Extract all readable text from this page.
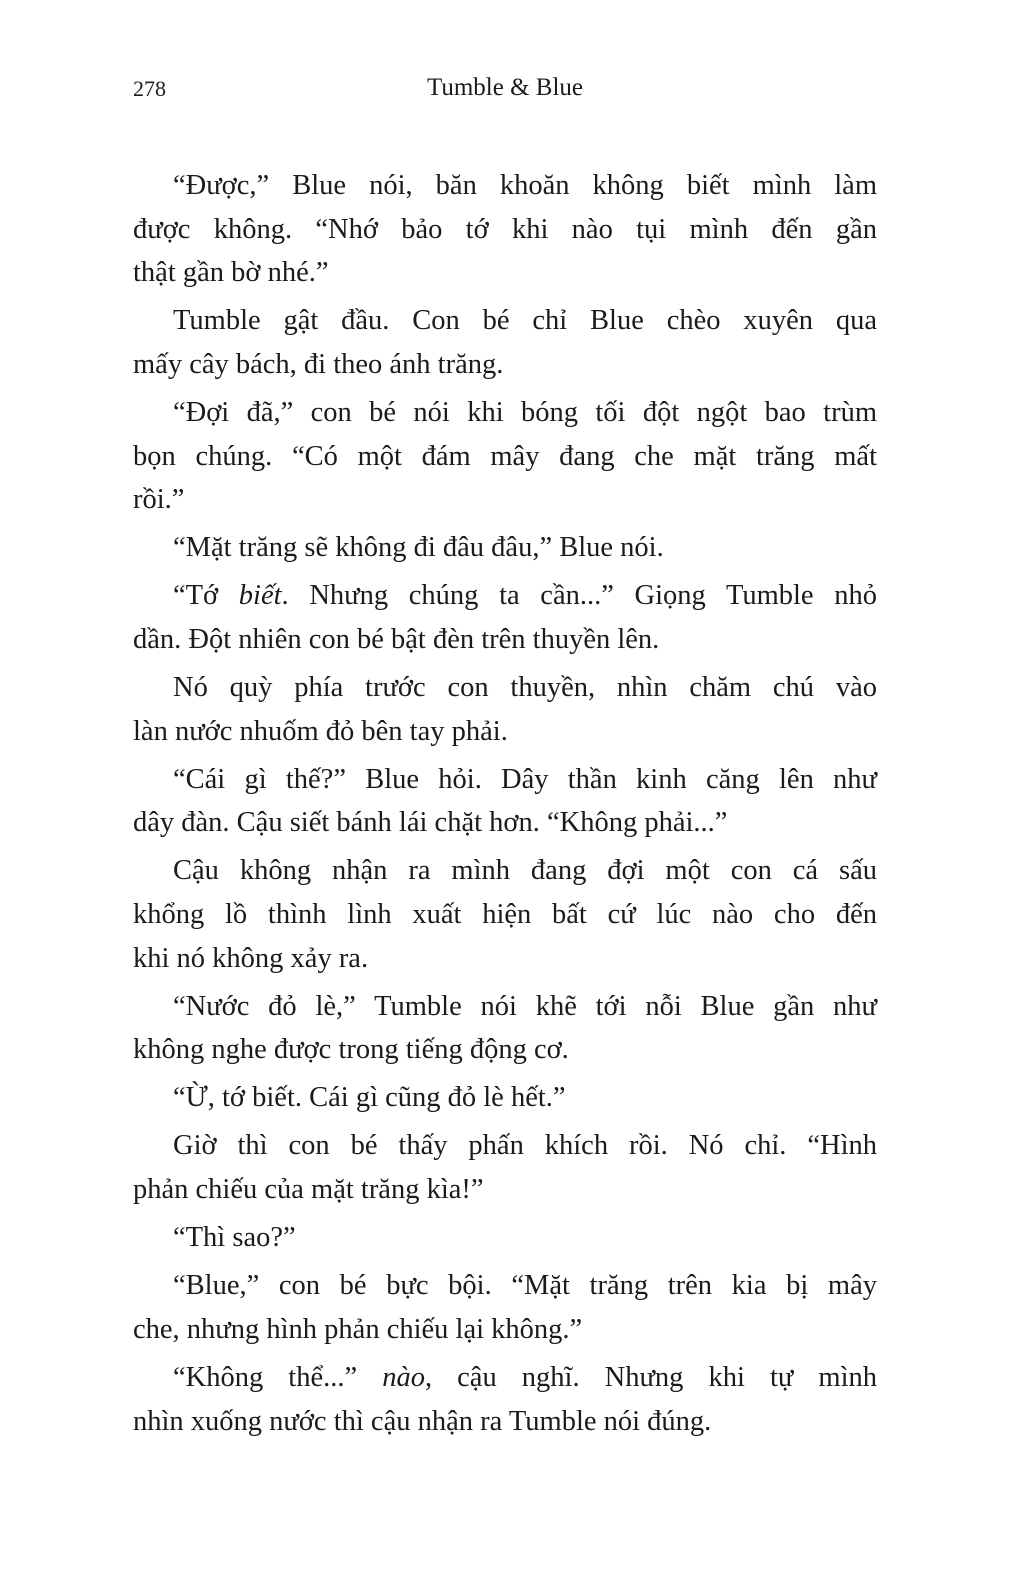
278	Tumble & Blue
“Được,” Blue nói, băn khoăn không biết mình làm
được không. “Nhớ bảo tớ khi nào tụi mình đến gần
thật gần bờ nhé.”
Tumble gật đầu. Con bé chỉ Blue chèo xuyên qua
mấy cây bách, đi theo ánh trăng.
“Đợi đã,” con bé nói khi bóng tối đột ngột bao trùm
bọn chúng. “Có một đám mây đang che mặt trăng mất
rồi.”
“Mặt trăng sẽ không đi đâu đâu,” Blue nói.
“Tớ biết. Nhưng chúng ta cần...” Giọng Tumble nhỏ
dần. Đột nhiên con bé bật đèn trên thuyền lên.
Nó quỳ phía trước con thuyền, nhìn chăm chú vào
làn nước nhuốm đỏ bên tay phải.
“Cái gì thế?” Blue hỏi. Dây thần kinh căng lên như
dây đàn. Cậu siết bánh lái chặt hơn. “Không phải...”
Cậu không nhận ra mình đang đợi một con cá sấu
khổng lồ thình lình xuất hiện bất cứ lúc nào cho đến
khi nó không xảy ra.
“Nước đỏ lè,” Tumble nói khẽ tới nỗi Blue gần như
không nghe được trong tiếng động cơ.
“Ừ, tớ biết. Cái gì cũng đỏ lè hết.”
Giờ thì con bé thấy phấn khích rồi. Nó chỉ. “Hình
phản chiếu của mặt trăng kìa!”
“Thì sao?”
“Blue,” con bé bực bội. “Mặt trăng trên kia bị mây
che, nhưng hình phản chiếu lại không.”
“Không thể...” nào, cậu nghĩ. Nhưng khi tự mình
nhìn xuống nước thì cậu nhận ra Tumble nói đúng.
